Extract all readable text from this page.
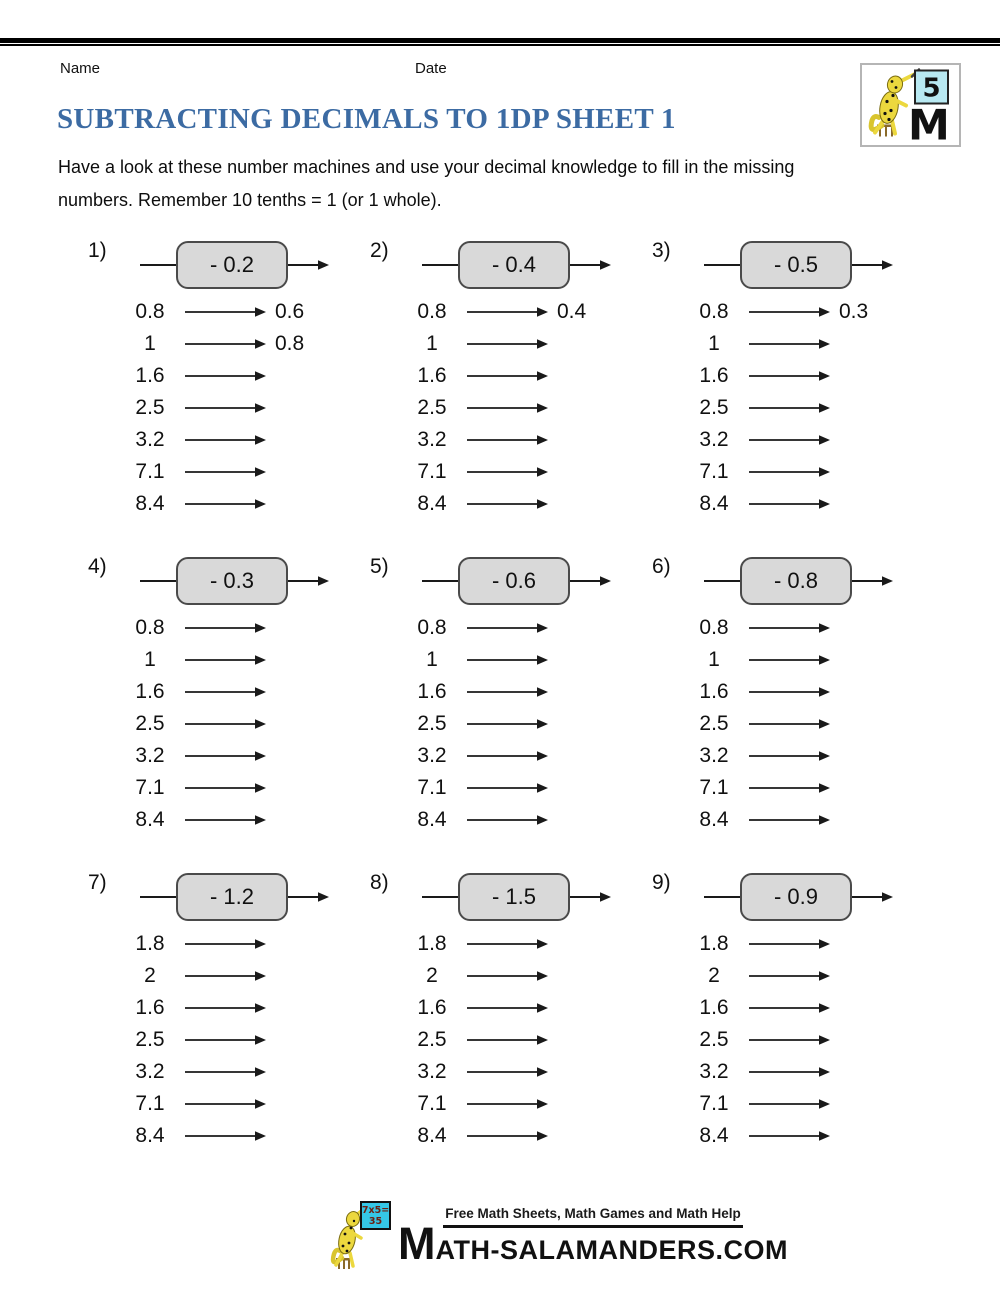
Name	Date
5
M
SUBTRACTING DECIMALS TO 1DP SHEET 1
Have a look at these number machines and use your decimal knowledge to fill in the missing
numbers. Remember 10 tenths = 1 (or 1 whole).
1)
- 0.2
0.8	0.6
1	0.8
1.6
2.5
3.2
7.1
8.4
2)
- 0.4
0.8	0.4
1
1.6
2.5
3.2
7.1
8.4
3)
- 0.5
0.8	0.3
1
1.6
2.5
3.2
7.1
8.4
4)
- 0.3
0.8
1
1.6
2.5
3.2
7.1
8.4
5)
- 0.6
0.8
1
1.6
2.5
3.2
7.1
8.4
6)
- 0.8
0.8
1
1.6
2.5
3.2
7.1
8.4
7)
- 1.2
1.8
2
1.6
2.5
3.2
7.1
8.4
8)
- 1.5
1.8
2
1.6
2.5
3.2
7.1
8.4
9)
- 0.9
1.8
2
1.6
2.5
3.2
7.1
8.4
7x5=
35
Free Math Sheets, Math Games and Math Help
M ATH-SALAMANDERS.COM
